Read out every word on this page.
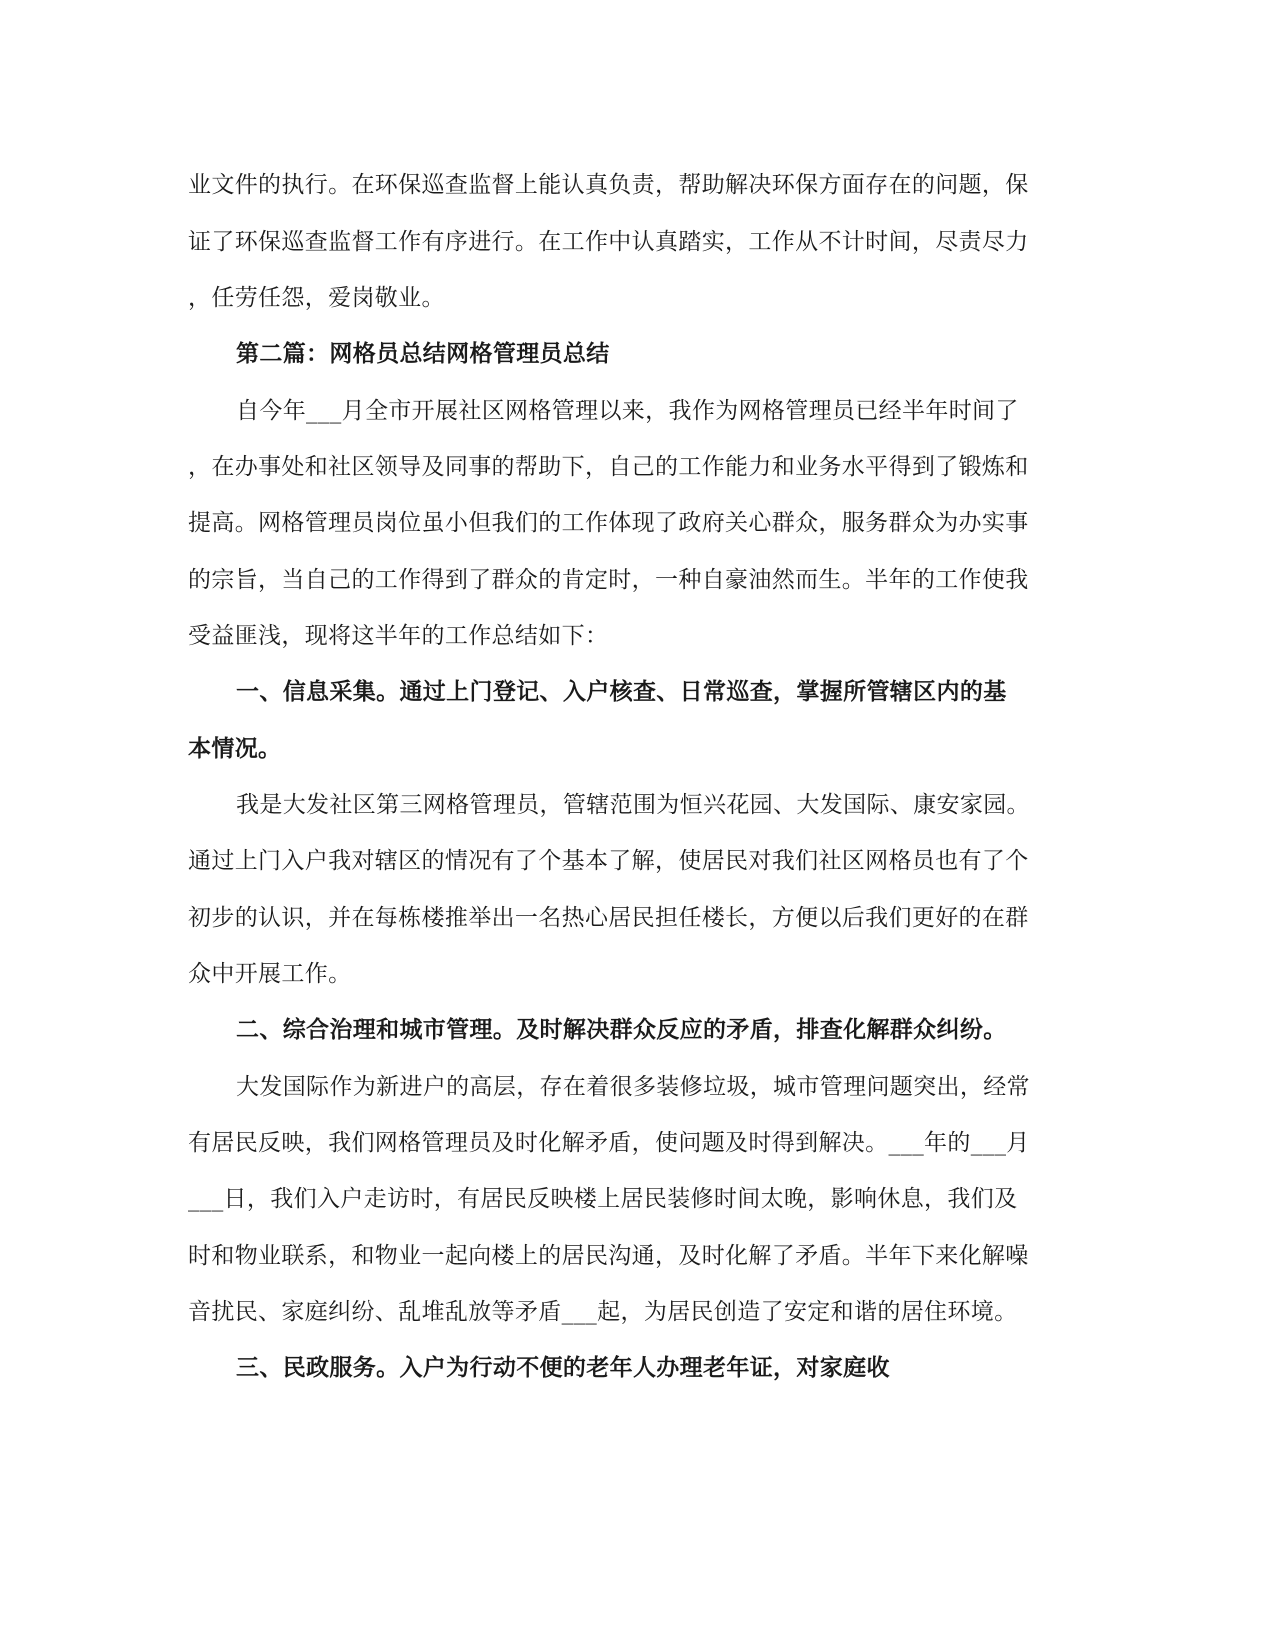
业文件的执行。在环保巡查监督上能认真负责，帮助解决环保方面存在的问题，保
证了环保巡查监督工作有序进行。在工作中认真踏实，工作从不计时间，尽责尽力
，任劳任怨，爱岗敬业。
第二篇：网格员总结网格管理员总结
自今年___月全市开展社区网格管理以来，我作为网格管理员已经半年时间了
，在办事处和社区领导及同事的帮助下，自己的工作能力和业务水平得到了锻炼和
提高。网格管理员岗位虽小但我们的工作体现了政府关心群众，服务群众为办实事
的宗旨，当自己的工作得到了群众的肯定时，一种自豪油然而生。半年的工作使我
受益匪浅，现将这半年的工作总结如下：
一、信息采集。通过上门登记、入户核查、日常巡查，掌握所管辖区内的基
本情况。
我是大发社区第三网格管理员，管辖范围为恒兴花园、大发国际、康安家园。
通过上门入户我对辖区的情况有了个基本了解，使居民对我们社区网格员也有了个
初步的认识，并在每栋楼推举出一名热心居民担任楼长，方便以后我们更好的在群
众中开展工作。
二、综合治理和城市管理。及时解决群众反应的矛盾，排查化解群众纠纷。
大发国际作为新进户的高层，存在着很多装修垃圾，城市管理问题突出，经常
有居民反映，我们网格管理员及时化解矛盾，使问题及时得到解决。___年的___月
___日，我们入户走访时，有居民反映楼上居民装修时间太晚，影响休息，我们及
时和物业联系，和物业一起向楼上的居民沟通，及时化解了矛盾。半年下来化解噪
音扰民、家庭纠纷、乱堆乱放等矛盾___起，为居民创造了安定和谐的居住环境。
三、民政服务。入户为行动不便的老年人办理老年证，对家庭收
